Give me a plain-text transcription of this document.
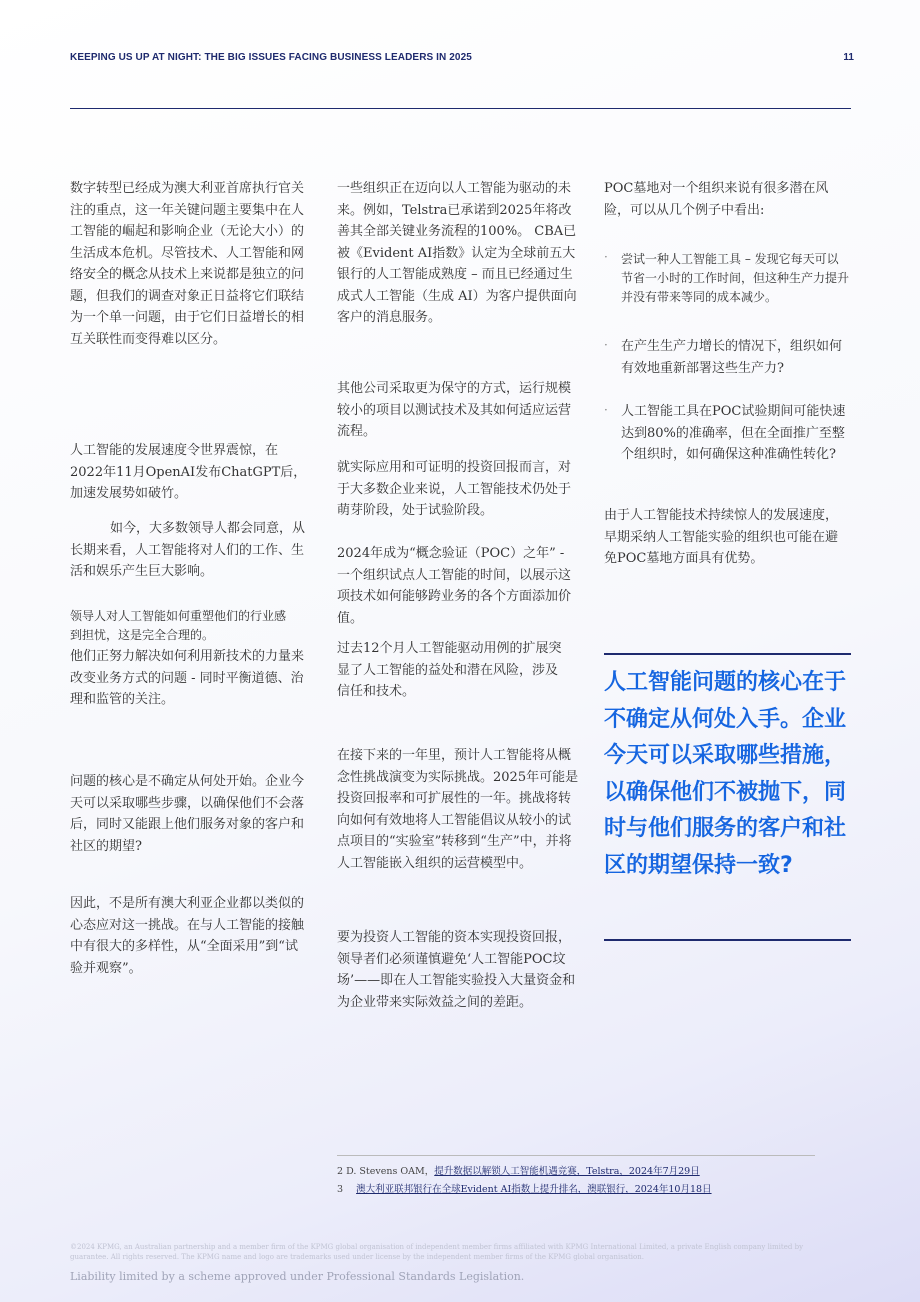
KEEPING US UP AT NIGHT: THE BIG ISSUES FACING BUSINESS LEADERS IN 2025	11

数字转型已经成为澳大利亚首席执行官关注的重点，这一年关键问题主要集中在人工智能的崛起和影响企业（无论大小）的生活成本危机。尽管技术、人工智能和网络安全的概念从技术上来说都是独立的问题，但我们的调查对象正日益将它们联结为一个单一问题，由于它们日益增长的相互关联性而变得难以区分。

人工智能的发展速度令世界震惊，在2022年11月OpenAI发布ChatGPT后，加速发展势如破竹。

如今，大多数领导人都会同意，从长期来看，人工智能将对人们的工作、生活和娱乐产生巨大影响。

领导人对人工智能如何重塑他们的行业感到担忧，这是完全合理的。

他们正努力解决如何利用新技术的力量来改变业务方式的问题 - 同时平衡道德、治理和监管的关注。

问题的核心是不确定从何处开始。企业今天可以采取哪些步骤，以确保他们不会落后，同时又能跟上他们服务对象的客户和社区的期望?

因此，不是所有澳大利亚企业都以类似的心态应对这一挑战。在与人工智能的接触中有很大的多样性，从“全面采用”到“试验并观察”。

一些组织正在迈向以人工智能为驱动的未来。例如，Telstra已承诺到2025年将改善其全部关键业务流程的100%。 CBA已被《Evident AI指数》认定为全球前五大银行的人工智能成熟度 – 而且已经通过生成式人工智能（生成 AI）为客户提供面向客户的消息服务。

其他公司采取更为保守的方式，运行规模较小的项目以测试技术及其如何适应运营流程。

就实际应用和可证明的投资回报而言，对于大多数企业来说，人工智能技术仍处于萌芽阶段，处于试验阶段。

2024年成为“概念验证（POC）之年” - 一个组织试点人工智能的时间，以展示这项技术如何能够跨业务的各个方面添加价值。

过去12个月人工智能驱动用例的扩展突显了人工智能的益处和潜在风险，涉及信任和技术。

在接下来的一年里，预计人工智能将从概念性挑战演变为实际挑战。2025年可能是投资回报率和可扩展性的一年。挑战将转向如何有效地将人工智能倡议从较小的试点项目的“实验室”转移到“生产”中，并将人工智能嵌入组织的运营模型中。

要为投资人工智能的资本实现投资回报，领导者们必须谨慎避免‘人工智能POC坟场’——即在人工智能实验投入大量资金和为企业带来实际效益之间的差距。

POC墓地对一个组织来说有很多潜在风险，可以从几个例子中看出:

· 尝试一种人工智能工具 – 发现它每天可以节省一小时的工作时间，但这种生产力提升并没有带来等同的成本减少。

· 在产生生产力增长的情况下，组织如何有效地重新部署这些生产力?

· 人工智能工具在POC试验期间可能快速达到80%的准确率，但在全面推广至整个组织时，如何确保这种准确性转化?

由于人工智能技术持续惊人的发展速度，早期采纳人工智能实验的组织也可能在避免POC墓地方面具有优势。

人工智能问题的核心在于不确定从何处入手。企业今天可以采取哪些措施，以确保他们不被抛下，同时与他们服务的客户和社区的期望保持一致?

2 D. Stevens OAM，提升数据以解锁人工智能机遇竞赛，Telstra，2024年7月29日

3 澳大利亚联邦银行在全球Evident AI指数上提升排名，澳联银行，2024年10月18日

©2024 KPMG, an Australian partnership and a member firm of the KPMG global organisation of independent member firms affiliated with KPMG International Limited, a private English company limited by guarantee. All rights reserved. The KPMG name and logo are trademarks used under license by the independent member firms of the KPMG global organisation.

Liability limited by a scheme approved under Professional Standards Legislation.
